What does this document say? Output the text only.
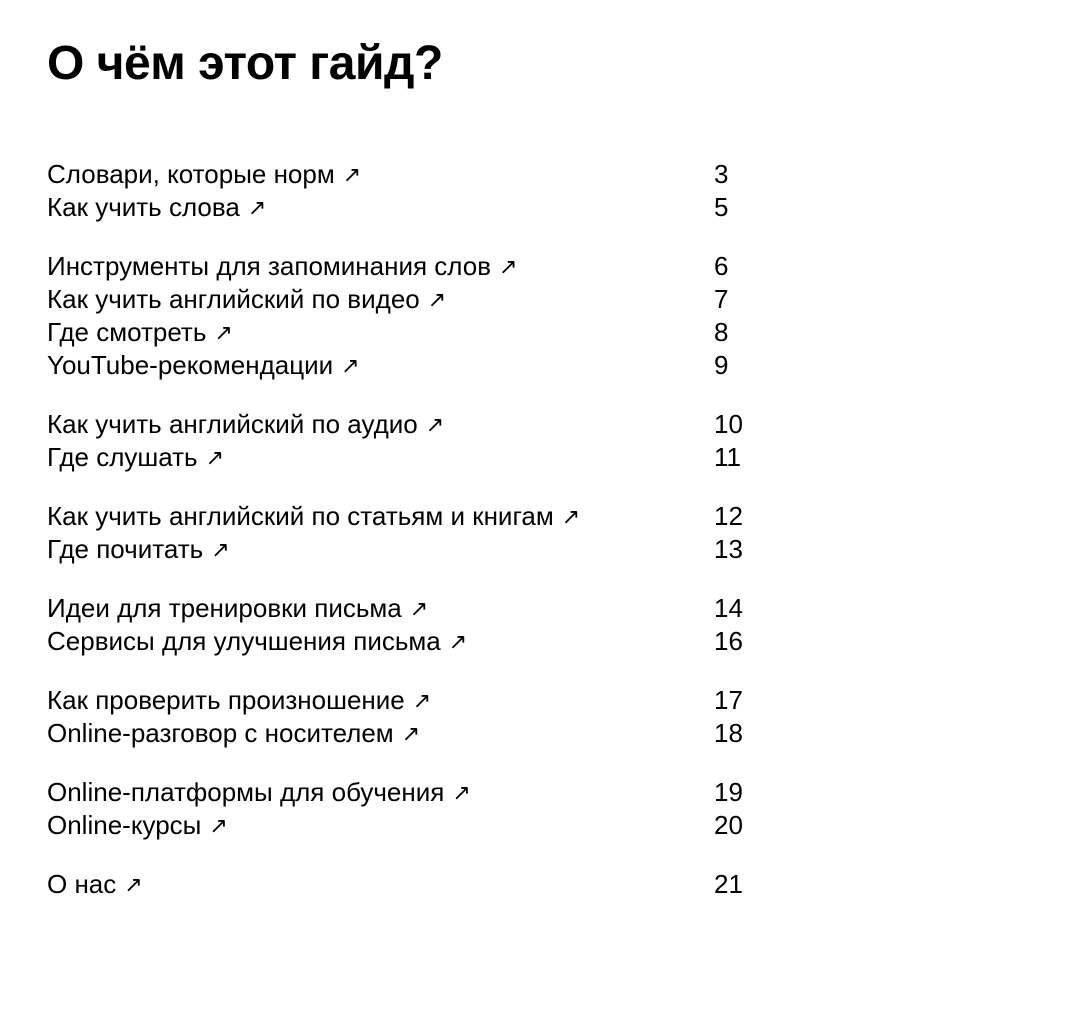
О чём этот гайд?
Словари, которые норм ↗	3
Как учить слова ↗	5
Инструменты для запоминания слов ↗	6
Как учить английский по видео ↗	7
Где смотреть ↗	8
YouTube-рекомендации ↗	9
Как учить английский по аудио ↗	10
Где слушать ↗	11
Как учить английский по статьям и книгам ↗	12
Где почитать ↗	13
Идеи для тренировки письма ↗	14
Сервисы для улучшения письма ↗	16
Как проверить произношение ↗	17
Online-разговор с носителем ↗	18
Online-платформы для обучения ↗	19
Online-курсы ↗	20
О нас ↗	21
